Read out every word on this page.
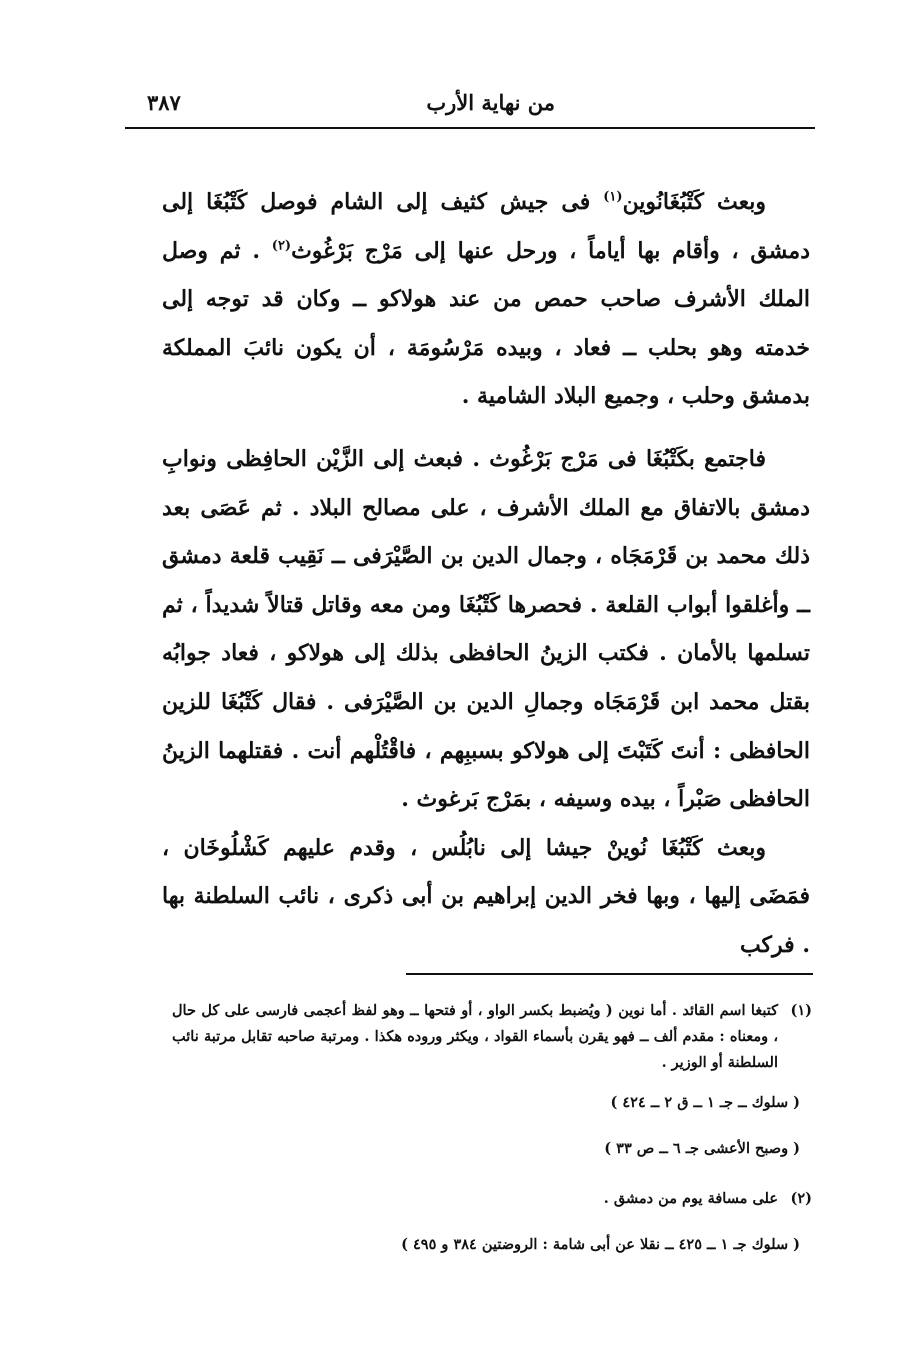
من نهاية الأرب
٣٨٧

وبعث كَتْبُغَانُوين$^{(١)}$ فى جيش كثيف إلى الشام فوصل كَتْبُغَا إلى دمشق ، وأقام بها أياماً ، ورحل عنها إلى مَرْج بَرْغُوث$^{(٢)}$ . ثم وصل الملك الأشرف صاحب حمص من عند هولاكو ــ وكان قد توجه إلى خدمته وهو بحلب ــ فعاد ، وبيده مَرْسُومَة ، أن يكون نائبَ المملكة بدمشق وحلب ، وجميع البلاد الشامية .

فاجتمع بكَتْبُغَا فى مَرْج بَرْغُوث . فبعث إلى الزَّيْن الحافِظى ونوابِ دمشق بالاتفاق مع الملك الأشرف ، على مصالح البلاد . ثم عَصَى بعد ذلك محمد بن قَرْمَجَاه ، وجمال الدين بن الصَّيْرَفى ــ نَقِيب قلعة دمشق ــ وأغلقوا أبواب القلعة . فحصرها كَتْبُغَا ومن معه وقاتل قتالاً شديداً ، ثم تسلمها بالأمان . فكتب الزينُ الحافظى بذلك إلى هولاكو ، فعاد جوابُه بقتل محمد ابن قَرْمَجَاه وجمالِ الدين بن الصَّيْرَفى . فقال كَتْبُغَا للزين الحافظى : أنتَ كَتَبْتَ إلى هولاكو بسببِهم ، فاقْتُلْهم أنت . فقتلهما الزينُ الحافظى صَبْراً ، بيده وسيفه ، بمَرْج بَرغوث .

وبعث كَتْبُغَا نُوينْ جيشا إلى نابُلُس ، وقدم عليهم كَشْلُوخَان ، فمَضَى إليها ، وبها فخر الدين إبراهيم بن أبى ذكرى ، نائب السلطنة بها . فركب

(١)
كتبغا اسم القائد . أما نوين ( ويُضبط بكسر الواو ، أو فتحها ــ وهو لفظ أعجمى فارسى على كل حال ، ومعناه : مقدم ألف ــ فهو يقرن بأسماء القواد ، ويكثر وروده هكذا . ومرتبة صاحبه تقابل مرتبة نائب السلطنة أو الوزير .
( سلوك ــ جـ ١ ــ ق ٢ ــ ٤٢٤ )
( وصبح الأعشى جـ ٦ ــ ص ٣٣ )
(٢)
على مسافة يوم من دمشق .
( سلوك جـ ١ ــ ٤٢٥ ــ نقلا عن أبى شامة : الروضتين ٣٨٤ و ٤٩٥ )
